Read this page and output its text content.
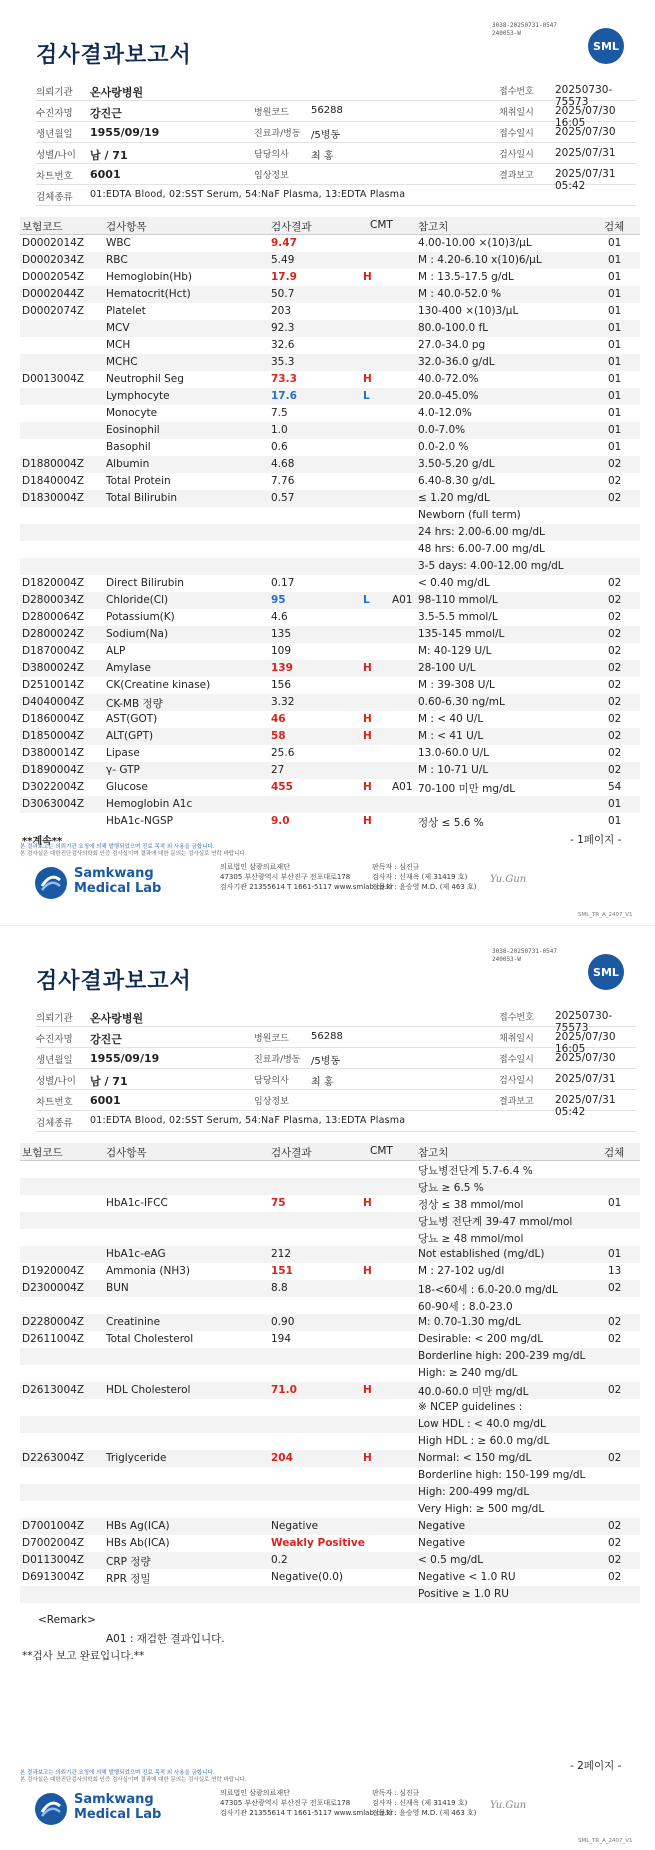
검사결과보고서
3038-20250731-0547
240053-W
SML
의뢰기관 온사랑병원	접수번호 20250730-75573
수진자명 강진근	병원코드 56288	채취일시 2025/07/30 16:05
생년월일 1955/09/19	진료과/병동 /5병동	접수일시 2025/07/30
성별/나이 남 / 71	담당의사 최 홍	검사일시 2025/07/31
차트번호 6001	임상정보	결과보고 2025/07/31 05:42
검체종류 01:EDTA Blood, 02:SST Serum, 54:NaF Plasma, 13:EDTA Plasma
보험코드	검사항목	검사결과	CMT 참고치	검체
D0002014Z WBC	9.47	4.00-10.00 ×(10)3/μL	01
D0002034Z RBC	5.49	M : 4.20-6.10 x(10)6/μL	01
D0002054Z Hemoglobin(Hb)	17.9	H	M : 13.5-17.5 g/dL	01
D0002044Z Hematocrit(Hct)	50.7	M : 40.0-52.0 %	01
D0002074Z Platelet	203	130-400 ×(10)3/μL	01
MCV	92.3	80.0-100.0 fL	01
MCH	32.6	27.0-34.0 pg	01
MCHC	35.3	32.0-36.0 g/dL	01
D0013004Z Neutrophil Seg	73.3	H	40.0-72.0%	01
Lymphocyte	17.6	L	20.0-45.0%	01
Monocyte	7.5	4.0-12.0%	01
Eosinophil	1.0	0.0-7.0%	01
Basophil	0.6	0.0-2.0 %	01
D1880004Z Albumin	4.68	3.50-5.20 g/dL	02
D1840004Z Total Protein	7.76	6.40-8.30 g/dL	02
D1830004Z Total Bilirubin	0.57	≤ 1.20 mg/dL	02
Newborn (full term)
24 hrs: 2.00-6.00 mg/dL
48 hrs: 6.00-7.00 mg/dL
3-5 days: 4.00-12.00 mg/dL
D1820004Z Direct Bilirubin	0.17	< 0.40 mg/dL	02
D2800034Z Chloride(Cl)	95	L	A01 98-110 mmol/L	02
D2800064Z Potassium(K)	4.6	3.5-5.5 mmol/L	02
D2800024Z Sodium(Na)	135	135-145 mmol/L	02
D1870004Z ALP	109	M: 40-129 U/L	02
D3800024Z Amylase	139	H	28-100 U/L	02
D2510014Z CK(Creatine kinase)	156	M : 39-308 U/L	02
D4040004Z CK-MB 정량	3.32	0.60-6.30 ng/mL	02
D1860004Z AST(GOT)	46	H	M : < 40 U/L	02
D1850004Z ALT(GPT)	58	H	M : < 41 U/L	02
D3800014Z Lipase	25.6	13.0-60.0 U/L	02
D1890004Z γ- GTP	27	M : 10-71 U/L	02
D3022004Z Glucose	455	H	A01 70-100 미만 mg/dL	54
D3063004Z Hemoglobin A1c	01
HbA1c-NGSP	9.0	H	정상 ≤ 5.6 %	01
**계속**	- 1페이지 -
본 결과보고는 의뢰기관 요청에 의해 발행되었으며 진료 목적 외 사용을 금합니다.
본 검사실은 대한진단검사의학회 인증 검사실이며 결과에 대한 문의는 검사실로 연락 바랍니다.
Samkwang
Medical Lab
의료법인 삼광의료재단
47305 부산광역시 부산진구 전포대로178
검사기관 21355614 T 1661-5117 www.smlab.co.kr
판독자 : 심진규
검사자 : 신재옥 (제 31419 호)
전문의 : 윤승영 M.D. (제 463 호)
Yu.Gun
SML_TR_A_2407_V1
검사결과보고서
3038-20250731-0547
240053-W
SML
의뢰기관 온사랑병원	접수번호 20250730-75573
수진자명 강진근	병원코드 56288	채취일시 2025/07/30 16:05
생년월일 1955/09/19	진료과/병동 /5병동	접수일시 2025/07/30
성별/나이 남 / 71	담당의사 최 홍	검사일시 2025/07/31
차트번호 6001	임상정보	결과보고 2025/07/31 05:42
검체종류 01:EDTA Blood, 02:SST Serum, 54:NaF Plasma, 13:EDTA Plasma
보험코드	검사항목	검사결과	CMT 참고치	검체
당뇨병전단계 5.7-6.4 %
당뇨 ≥ 6.5 %
HbA1c-IFCC	75	H	정상 ≤ 38 mmol/mol	01
당뇨병 전단계 39-47 mmol/mol
당뇨 ≥ 48 mmol/mol
HbA1c-eAG	212	Not established (mg/dL)	01
D1920004Z Ammonia (NH3)	151	H	M : 27-102 ug/dl	13
D2300004Z BUN	8.8	18-<60세 : 6.0-20.0 mg/dL	02
60-90세 : 8.0-23.0
D2280004Z Creatinine	0.90	M: 0.70-1.30 mg/dL	02
D2611004Z Total Cholesterol	194	Desirable: < 200 mg/dL	02
Borderline high: 200-239 mg/dL
High: ≥ 240 mg/dL
D2613004Z HDL Cholesterol	71.0	H	40.0-60.0 미만 mg/dL	02
※ NCEP guidelines :
Low HDL : < 40.0 mg/dL
High HDL : ≥ 60.0 mg/dL
D2263004Z Triglyceride	204	H	Normal: < 150 mg/dL	02
Borderline high: 150-199 mg/dL
High: 200-499 mg/dL
Very High: ≥ 500 mg/dL
D7001004Z HBs Ag(ICA)	Negative	Negative	02
D7002004Z HBs Ab(ICA)	Weakly Positive	Negative	02
D0113004Z CRP 정량	0.2	< 0.5 mg/dL	02
D6913004Z RPR 정밀	Negative(0.0)	Negative < 1.0 RU	02
Positive ≥ 1.0 RU
<Remark>
A01 : 재검한 결과입니다.
**검사 보고 완료입니다.**
- 2페이지 -
본 결과보고는 의뢰기관 요청에 의해 발행되었으며 진료 목적 외 사용을 금합니다.
본 검사실은 대한진단검사의학회 인증 검사실이며 결과에 대한 문의는 검사실로 연락 바랍니다.
Samkwang
Medical Lab
의료법인 삼광의료재단
47305 부산광역시 부산진구 전포대로178
검사기관 21355614 T 1661-5117 www.smlab.co.kr
판독자 : 심진규
검사자 : 신재옥 (제 31419 호)
전문의 : 윤승영 M.D. (제 463 호)
Yu.Gun
SML_TR_A_2407_V1
